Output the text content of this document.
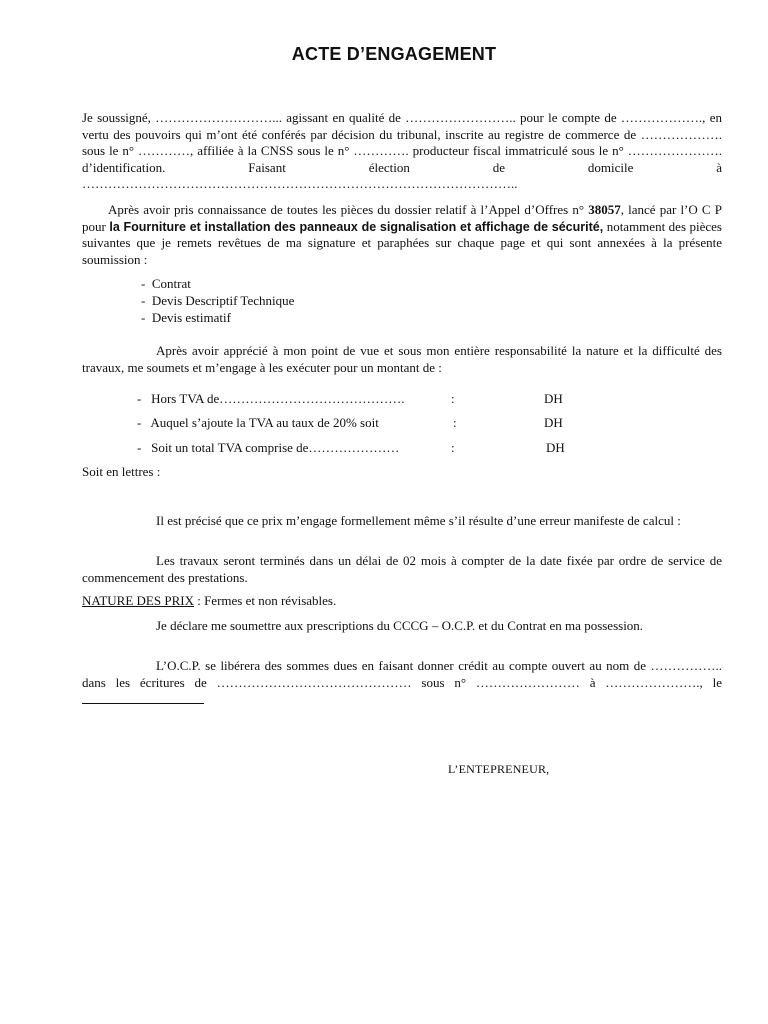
ACTE D’ENGAGEMENT
Je soussigné, ………………………... agissant en qualité de …………………….. pour le compte de ………………., en vertu des pouvoirs qui m’ont été conférés par décision du tribunal, inscrite au registre de commerce de ………………. sous le n° …………, affiliée à la CNSS sous le n° …………. producteur fiscal immatriculé sous le n° …………………. d’identification. Faisant élection de domicile à ………………………………………………………………………………………..
Après avoir pris connaissance de toutes les pièces du dossier relatif à l’Appel d’Offres n° 38057, lancé par l’O C P pour la Fourniture et installation des panneaux de signalisation et affichage de sécurité, notamment des pièces suivantes que je remets revêtues de ma signature et paraphées sur chaque page et qui sont annexées à la présente soumission :
-  Contrat
-  Devis Descriptif Technique
-  Devis estimatif
Après avoir apprécié à mon point de vue et sous mon entière responsabilité la nature et la difficulté des travaux, me soumets et m’engage à les exécuter pour un montant de :
-   Hors TVA de…………………………………….	:	DH
-   Auquel s’ajoute la TVA au taux de 20% soit	:	DH
-   Soit un total TVA comprise de…………………	:	DH
Soit en lettres :
Il est précisé que ce prix m’engage formellement même s’il résulte d’une erreur manifeste de calcul :
Les travaux seront terminés dans un délai de 02 mois à compter de la date fixée par ordre de service de commencement des prestations.
NATURE DES PRIX : Fermes et non révisables.
Je déclare me soumettre aux prescriptions du CCCG – O.C.P. et du Contrat en ma possession.
L’O.C.P. se libérera des sommes dues en faisant donner crédit au compte ouvert au nom de …………….. dans les écritures de ……………………………………… sous n° …………………… à …………………., le
L’ENTEPRENEUR,
